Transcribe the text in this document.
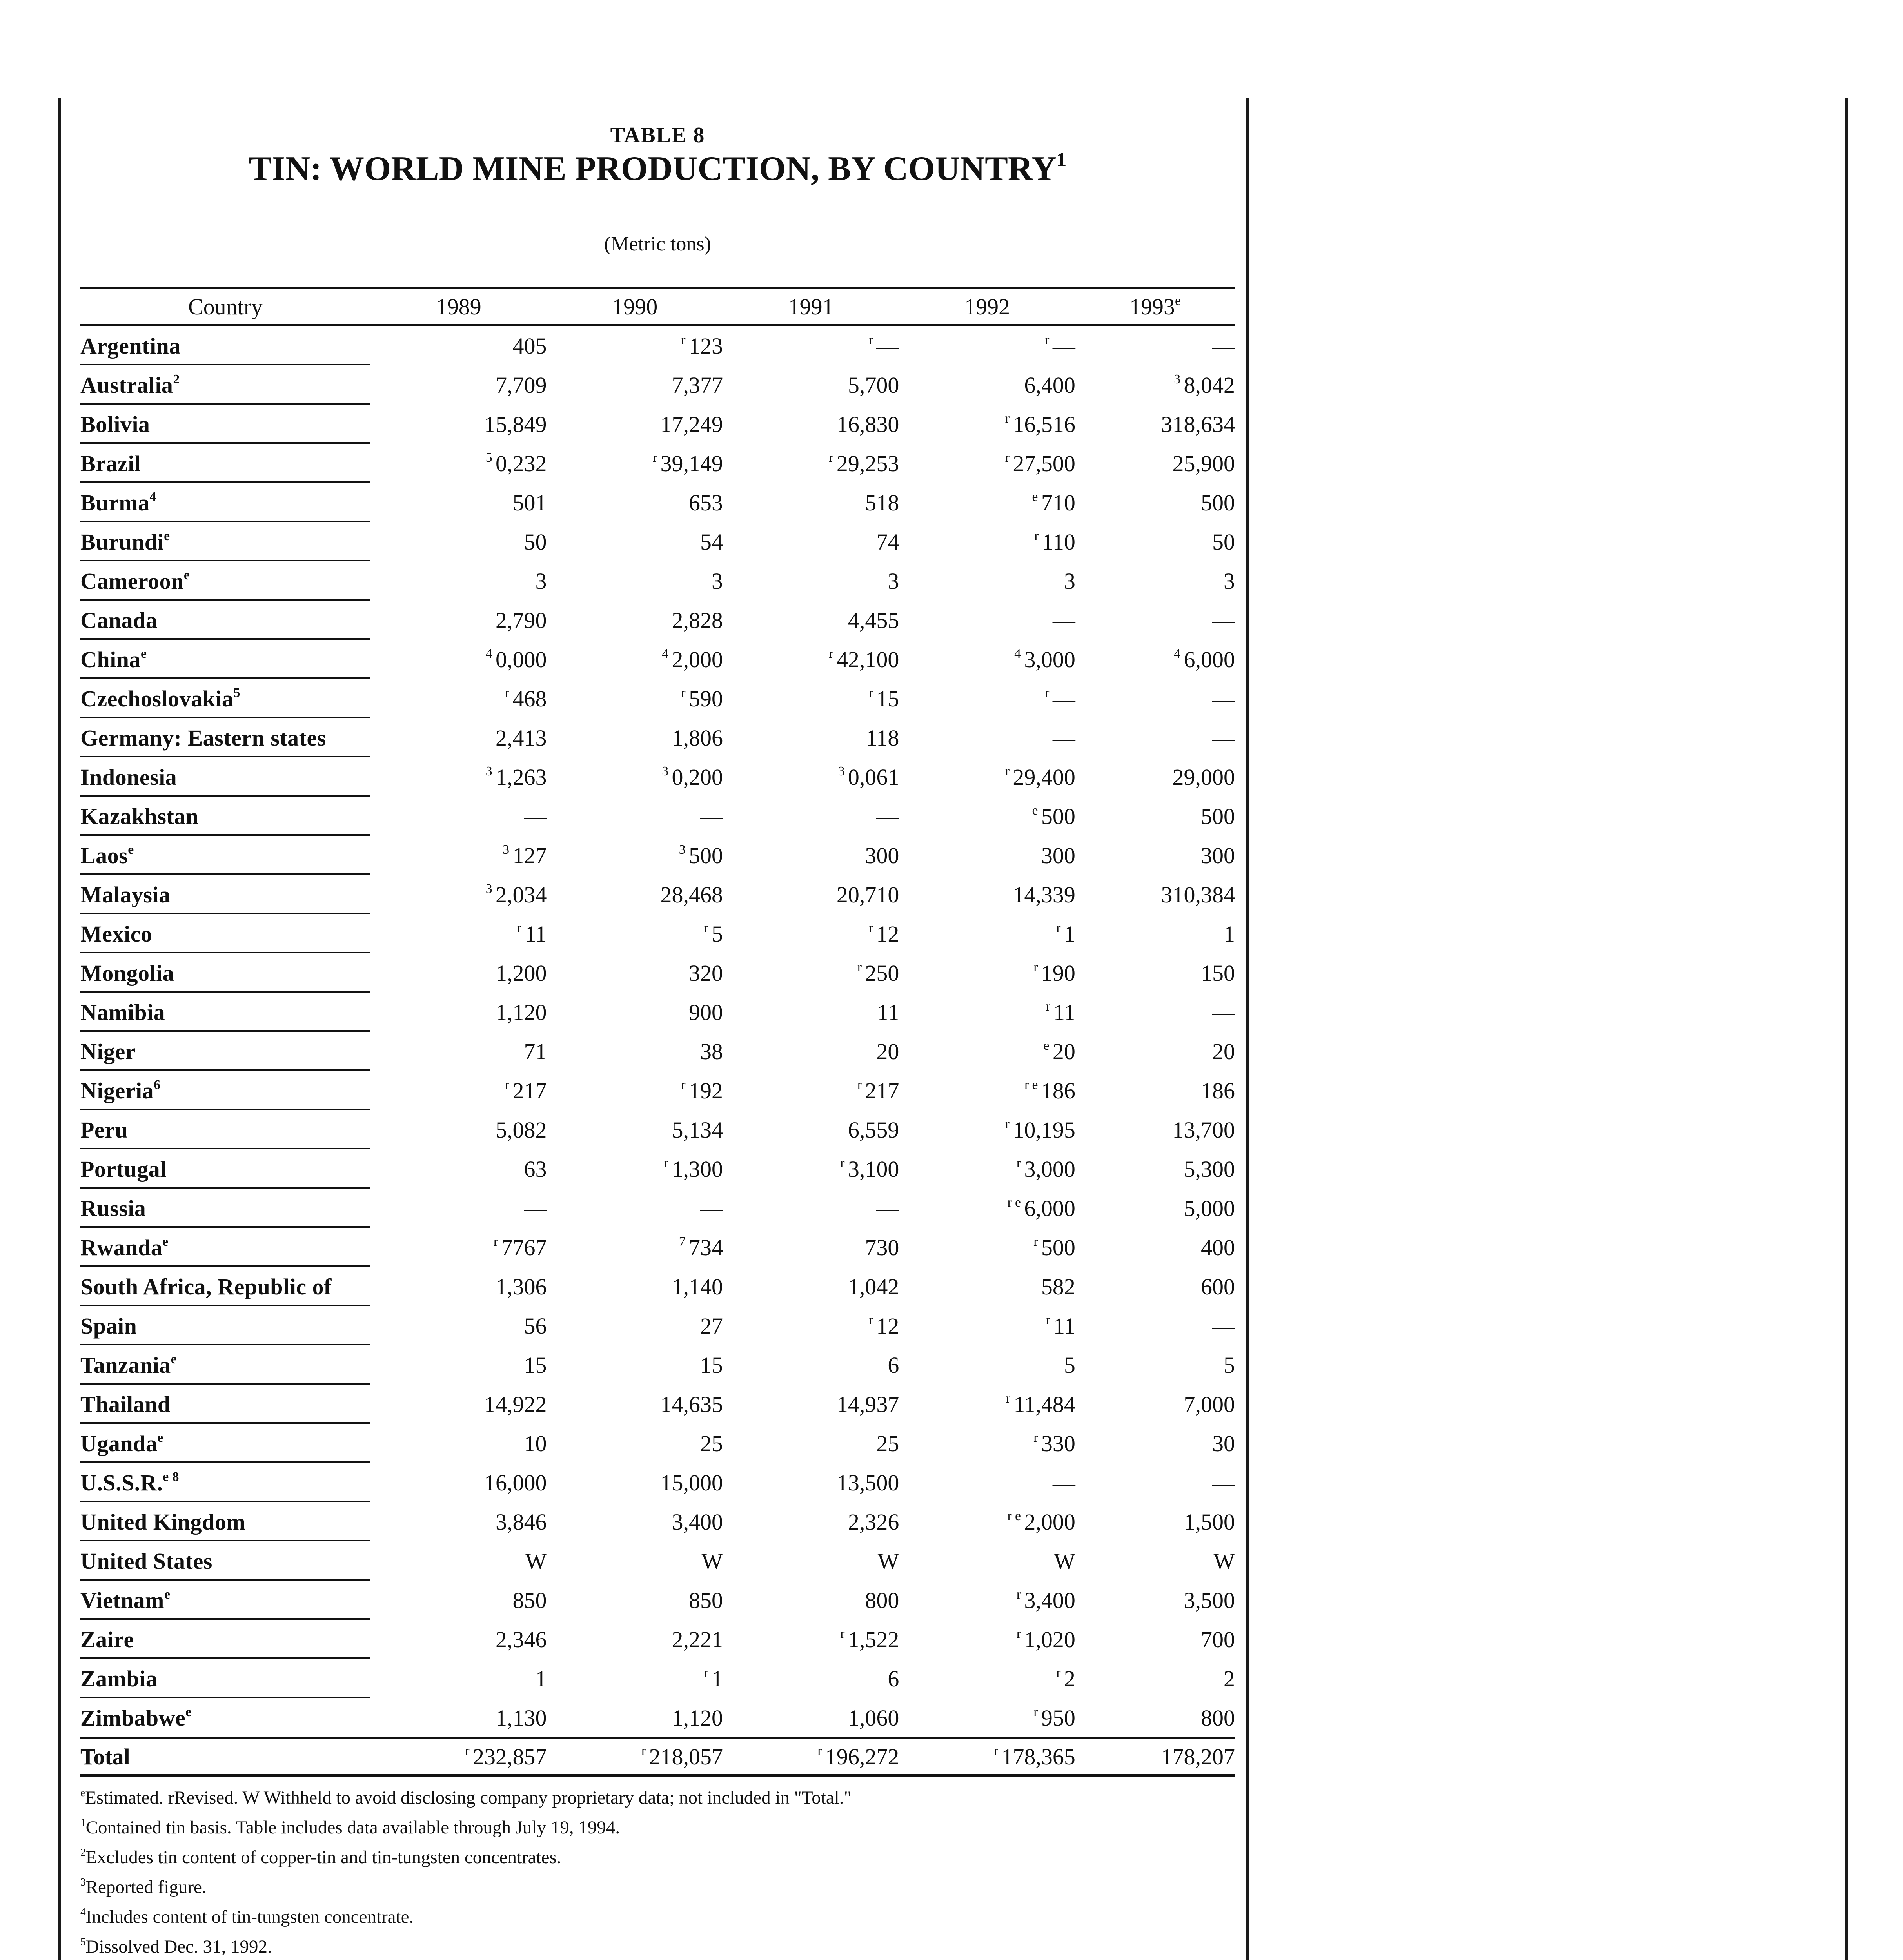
TABLE 8
TIN: WORLD MINE PRODUCTION, BY COUNTRY$^1$
(Metric tons)
Country	1989	1990	1991	1992	1993e
Argentina	405	$^r$ 123	$^r$ —	$^r$ —	—
Australia$^2$	7,709	7,377	5,700	6,400	$^3$ 8,042
Bolivia	15,849	17,249	16,830	$^r$ 16,516	318,634
Brazil	$^5$ 0,232	$^r$ 39,149	$^r$ 29,253	$^r$ 27,500	25,900
Burma$^4$	501	653	518	$^e$ 710	500
Burundi$^e$	50	54	74	$^r$ 110	50
Cameroon$^e$	3	3	3	3	3
Canada	2,790	2,828	4,455	—	—
China$^e$	$^4$ 0,000	$^4$ 2,000	$^r$ 42,100	$^4$ 3,000	$^4$ 6,000
Czechoslovakia$^5$	$^r$ 468	$^r$ 590	$^r$ 15	$^r$ —	—
Germany: Eastern states	2,413	1,806	118	—	—
Indonesia	$^3$ 1,263	$^3$ 0,200	$^3$ 0,061	$^r$ 29,400	29,000
Kazakhstan	—	—	—	$^e$ 500	500
Laos$^e$	$^3$ 127	$^3$ 500	300	300	300
Malaysia	$^3$ 2,034	28,468	20,710	14,339	310,384
Mexico	$^r$ 11	$^r$ 5	$^r$ 12	$^r$ 1	1
Mongolia	1,200	320	$^r$ 250	$^r$ 190	150
Namibia	1,120	900	11	$^r$ 11	—
Niger	71	38	20	$^e$ 20	20
Nigeria$^6$	$^r$ 217	$^r$ 192	$^r$ 217	$^{r e}$ 186	186
Peru	5,082	5,134	6,559	$^r$ 10,195	13,700
Portugal	63	$^r$ 1,300	$^r$ 3,100	$^r$ 3,000	5,300
Russia	—	—	—	$^{r e}$ 6,000	5,000
Rwanda$^e$	$^r$ 7767	$^7$ 734	730	$^r$ 500	400
South Africa, Republic of	1,306	1,140	1,042	582	600
Spain	56	27	$^r$ 12	$^r$ 11	—
Tanzania$^e$	15	15	6	5	5
Thailand	14,922	14,635	14,937	$^r$ 11,484	7,000
Uganda$^e$	10	25	25	$^r$ 330	30
U.S.S.R.$^{e 8}$	16,000	15,000	13,500	—	—
United Kingdom	3,846	3,400	2,326	$^{r e}$ 2,000	1,500
United States	W	W	W	W	W
Vietnam$^e$	850	850	800	$^r$ 3,400	3,500
Zaire	2,346	2,221	$^r$ 1,522	$^r$ 1,020	700
Zambia	1	$^r$ 1	6	$^r$ 2	2
Zimbabwe$^e$	1,130	1,120	1,060	$^r$ 950	800
Total	$^r$ 232,857	$^r$ 218,057	$^r$ 196,272	$^r$ 178,365	178,207
$^e$Estimated. rRevised. W Withheld to avoid disclosing company proprietary data; not included in "Total."
$^1$Contained tin basis. Table includes data available through July 19, 1994.
$^2$Excludes tin content of copper-tin and tin-tungsten concentrates.
$^3$Reported figure.
$^4$Includes content of tin-tungsten concentrate.
$^5$Dissolved Dec. 31, 1992.
